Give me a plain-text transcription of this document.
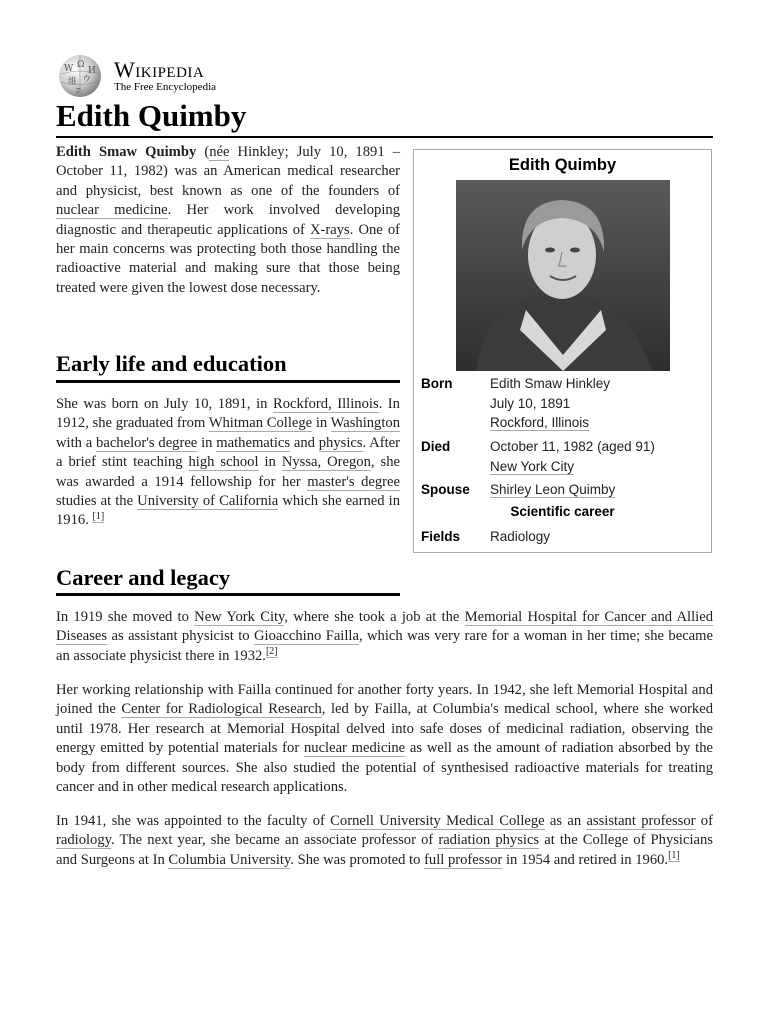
W Ω
И
維 ウ
ק
Wikipedia
The Free Encyclopedia
Edith Quimby

Edith Smaw Quimby (née Hinkley; July 10, 1891 – October 11, 1982) was an American medical researcher and physicist, best known as one of the founders of nuclear medicine. Her work involved developing diagnostic and therapeutic applications of X-rays. One of her main concerns was protecting both those handling the radioactive material and making sure that those being treated were given the lowest dose necessary.

Early life and education

She was born on July 10, 1891, in Rockford, Illinois. In 1912, she graduated from Whitman College in Washington with a bachelor's degree in mathematics and physics. After a brief stint teaching high school in Nyssa, Oregon, she was awarded a 1914 fellowship for her master's degree studies at the University of California which she earned in 1916. [1]

Career and legacy

In 1919 she moved to New York City, where she took a job at the Memorial Hospital for Cancer and Allied Diseases as assistant physicist to Gioacchino Failla, which was very rare for a woman in her time; she became an associate physicist there in 1932.[2]

Her working relationship with Failla continued for another forty years. In 1942, she left Memorial Hospital and joined the Center for Radiological Research, led by Failla, at Columbia's medical school, where she worked until 1978. Her research at Memorial Hospital delved into safe doses of medicinal radiation, observing the energy emitted by potential materials for nuclear medicine as well as the amount of radiation absorbed by the body from different sources. She also studied the potential of synthesised radioactive materials for treating cancer and in other medical research applications.

In 1941, she was appointed to the faculty of Cornell University Medical College as an assistant professor of radiology. The next year, she became an associate professor of radiation physics at the College of Physicians and Surgeons at In Columbia University. She was promoted to full professor in 1954 and retired in 1960.[1]

Edith Quimby
Born	Edith Smaw Hinkley
July 10, 1891
Rockford, Illinois
Died	October 11, 1982 (aged 91)
New York City
Spouse	Shirley Leon Quimby
Scientific career
Fields	Radiology
